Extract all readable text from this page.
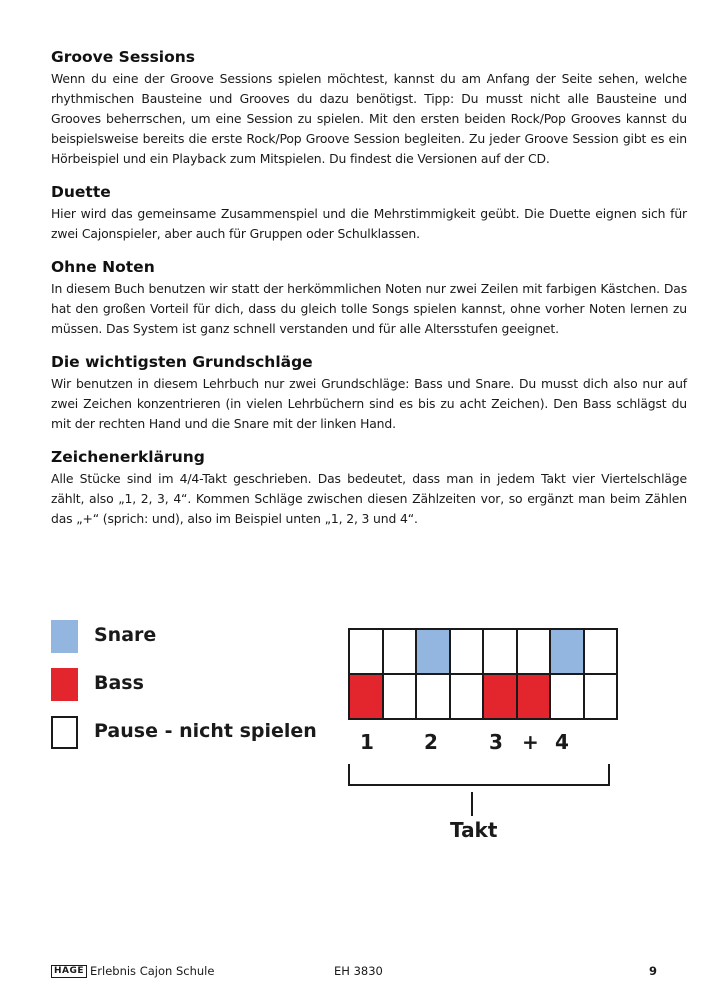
Groove Sessions

Wenn du eine der Groove Sessions spielen möchtest, kannst du am Anfang der Seite sehen, welche rhythmischen Bausteine und Grooves du dazu benötigst. Tipp: Du musst nicht alle Bausteine und Grooves beherrschen, um eine Session zu spielen. Mit den ersten beiden Rock/Pop Grooves kannst du beispielsweise bereits die erste Rock/Pop Groove Session begleiten. Zu jeder Groove Session gibt es ein Hörbeispiel und ein Playback zum Mitspielen. Du findest die Versionen auf der CD.

Duette

Hier wird das gemeinsame Zusammenspiel und die Mehrstimmigkeit geübt. Die Duette eignen sich für zwei Cajonspieler, aber auch für Gruppen oder Schulklassen.

Ohne Noten

In diesem Buch benutzen wir statt der herkömmlichen Noten nur zwei Zeilen mit farbigen Kästchen. Das hat den großen Vorteil für dich, dass du gleich tolle Songs spielen kannst, ohne vorher Noten lernen zu müssen. Das System ist ganz schnell verstanden und für alle Altersstufen geeignet.

Die wichtigsten Grundschläge

Wir benutzen in diesem Lehrbuch nur zwei Grundschläge: Bass und Snare. Du musst dich also nur auf zwei Zeichen konzentrieren (in vielen Lehrbüchern sind es bis zu acht Zeichen). Den Bass schlägst du mit der rechten Hand und die Snare mit der linken Hand.

Zeichenerklärung

Alle Stücke sind im 4/4-Takt geschrieben. Das bedeutet, dass man in jedem Takt vier Viertelschläge zählt, also „1, 2, 3, 4“. Kommen Schläge zwischen diesen Zählzeiten vor, so ergänzt man beim Zählen das „+“ (sprich: und), also im Beispiel unten „1, 2, 3 und 4“.

Snare
Bass
Pause - nicht spielen

							1	2	3 + 4
Takt
HAGE Erlebnis Cajon Schule	EH 3830	9
